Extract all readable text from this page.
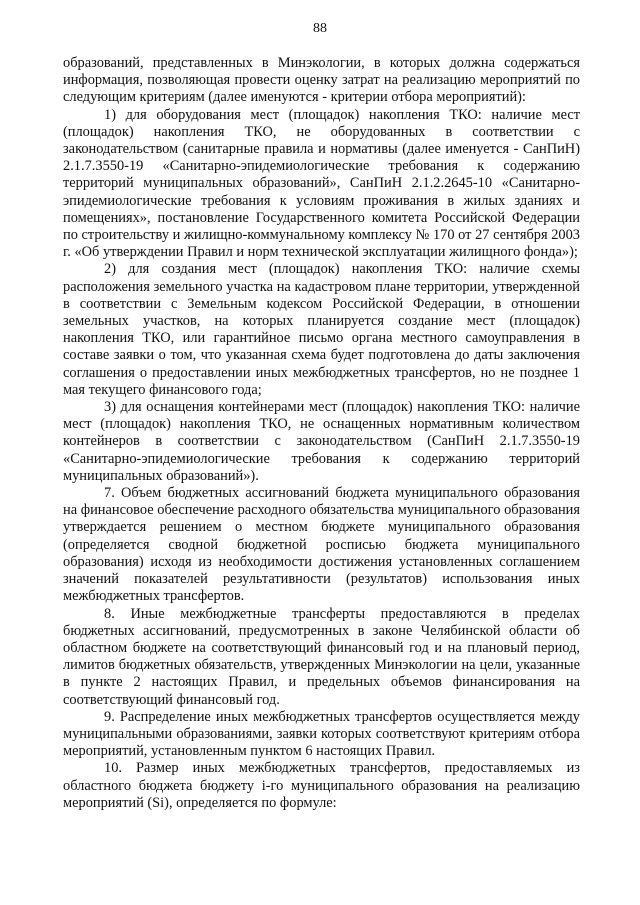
88

образований, представленных в Минэкологии, в которых должна содержаться информация, позволяющая провести оценку затрат на реализацию мероприятий по следующим критериям (далее именуются - критерии отбора мероприятий):

1) для оборудования мест (площадок) накопления ТКО: наличие мест (площадок) накопления ТКО, не оборудованных в соответствии с законодательством (санитарные правила и нормативы (далее именуется - СанПиН) 2.1.7.3550-19 «Санитарно-эпидемиологические требования к содержанию территорий муниципальных образований», СанПиН 2.1.2.2645-10 «Санитарно-эпидемиологические требования к условиям проживания в жилых зданиях и помещениях», постановление Государственного комитета Российской Федерации по строительству и жилищно-коммунальному комплексу № 170 от 27 сентября 2003 г. «Об утверждении Правил и норм технической эксплуатации жилищного фонда»);

2) для создания мест (площадок) накопления ТКО: наличие схемы расположения земельного участка на кадастровом плане территории, утвержденной в соответствии с Земельным кодексом Российской Федерации, в отношении земельных участков, на которых планируется создание мест (площадок) накопления ТКО, или гарантийное письмо органа местного самоуправления в составе заявки о том, что указанная схема будет подготовлена до даты заключения соглашения о предоставлении иных межбюджетных трансфертов, но не позднее 1 мая текущего финансового года;

3) для оснащения контейнерами мест (площадок) накопления ТКО: наличие мест (площадок) накопления ТКО, не оснащенных нормативным количеством контейнеров в соответствии с законодательством (СанПиН 2.1.7.3550-19 «Санитарно-эпидемиологические требования к содержанию территорий муниципальных образований»).

7. Объем бюджетных ассигнований бюджета муниципального образования на финансовое обеспечение расходного обязательства муниципального образования утверждается решением о местном бюджете муниципального образования (определяется сводной бюджетной росписью бюджета муниципального образования) исходя из необходимости достижения установленных соглашением значений показателей результативности (результатов) использования иных межбюджетных трансфертов.

8. Иные межбюджетные трансферты предоставляются в пределах бюджетных ассигнований, предусмотренных в законе Челябинской области об областном бюджете на соответствующий финансовый год и на плановый период, лимитов бюджетных обязательств, утвержденных Минэкологии на цели, указанные в пункте 2 настоящих Правил, и предельных объемов финансирования на соответствующий финансовый год.

9. Распределение иных межбюджетных трансфертов осуществляется между муниципальными образованиями, заявки которых соответствуют критериям отбора мероприятий, установленным пунктом 6 настоящих Правил.

10. Размер иных межбюджетных трансфертов, предоставляемых из областного бюджета бюджету i-го муниципального образования на реализацию мероприятий (Si), определяется по формуле:
